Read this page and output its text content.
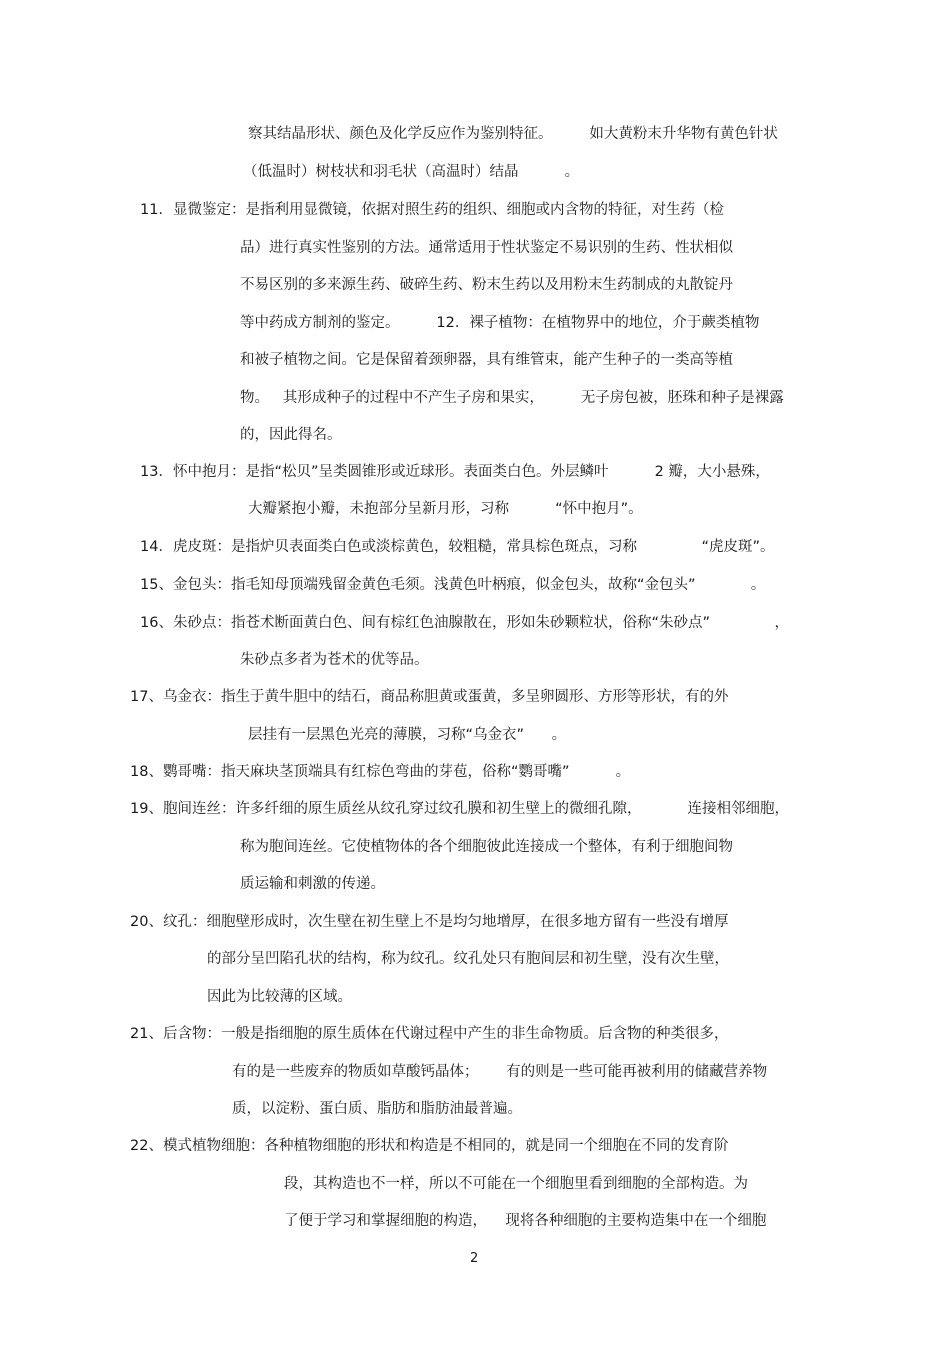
察其结晶形状、颜色及化学反应作为鉴别特征。        如大黄粉末升华物有黄色针状
（低温时）树枝状和羽毛状（高温时）结晶          。
11．显微鉴定：是指利用显微镜，依据对照生药的组织、细胞或内含物的特征，对生药（检
品）进行真实性鉴别的方法。通常适用于性状鉴定不易识别的生药、性状相似
不易区别的多来源生药、破碎生药、粉末生药以及用粉末生药制成的丸散锭丹
等中药成方制剂的鉴定。        12．裸子植物：在植物界中的地位，介于蕨类植物
和被子植物之间。它是保留着颈卵器，具有维管束，能产生种子的一类高等植
物。   其形成种子的过程中不产生子房和果实，        无子房包被，胚珠和种子是裸露
的，因此得名。
13．怀中抱月：是指“松贝”呈类圆锥形或近球形。表面类白色。外层鳞叶          2 瓣，大小悬殊，
大瓣紧抱小瓣，未抱部分呈新月形，习称          “怀中抱月”。
14．虎皮斑：是指炉贝表面类白色或淡棕黄色，较粗糙，常具棕色斑点，习称              “虎皮斑”。
15、金包头：指毛知母顶端残留金黄色毛须。浅黄色叶柄痕，似金包头，故称“金包头”            。
16、朱砂点：指苍术断面黄白色、间有棕红色油腺散在，形如朱砂颗粒状，俗称“朱砂点”              ，
朱砂点多者为苍术的优等品。
17、乌金衣：指生于黄牛胆中的结石，商品称胆黄或蛋黄，多呈卵圆形、方形等形状，有的外
层挂有一层黑色光亮的薄膜，习称“乌金衣”      。
18、鹦哥嘴：指天麻块茎顶端具有红棕色弯曲的芽苞，俗称“鹦哥嘴”          。
19、胞间连丝：许多纤细的原生质丝从纹孔穿过纹孔膜和初生壁上的微细孔隙，          连接相邻细胞，
称为胞间连丝。它使植物体的各个细胞彼此连接成一个整体，有利于细胞间物
质运输和刺激的传递。
20、纹孔：细胞壁形成时，次生壁在初生壁上不是均匀地增厚，在很多地方留有一些没有增厚
的部分呈凹陷孔状的结构，称为纹孔。纹孔处只有胞间层和初生壁，没有次生壁，
因此为比较薄的区域。
21、后含物：一般是指细胞的原生质体在代谢过程中产生的非生命物质。后含物的种类很多，
有的是一些废弃的物质如草酸钙晶体；      有的则是一些可能再被利用的储藏营养物
质，以淀粉、蛋白质、脂肪和脂肪油最普遍。
22、模式植物细胞：各种植物细胞的形状和构造是不相同的，就是同一个细胞在不同的发育阶
段，其构造也不一样，所以不可能在一个细胞里看到细胞的全部构造。为
了便于学习和掌握细胞的构造，    现将各种细胞的主要构造集中在一个细胞
2
